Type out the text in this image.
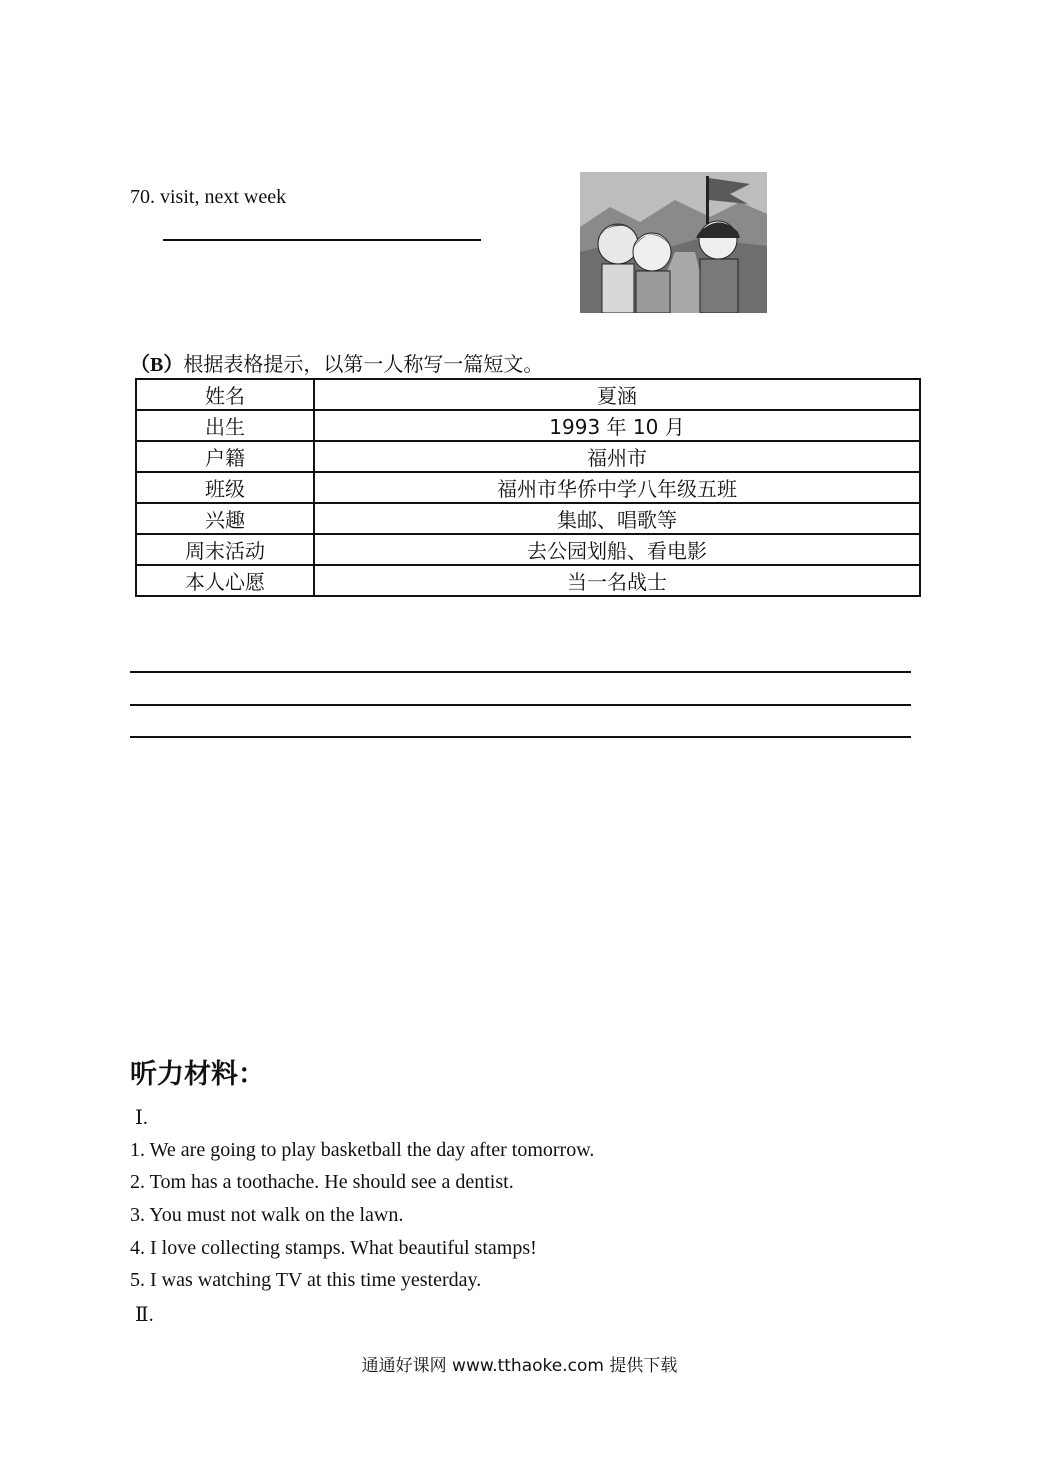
70. visit, next week
（B）根据表格提示，以第一人称写一篇短文。
姓名	夏涵
出生	1993 年 10 月
户籍	福州市
班级	福州市华侨中学八年级五班
兴趣	集邮、唱歌等
周末活动	去公园划船、看电影
本人心愿	当一名战士
听力材料：
Ⅰ.
1. We are going to play basketball the day after tomorrow.
2. Tom has a toothache. He should see a dentist.
3. You must not walk on the lawn.
4. I love collecting stamps. What beautiful stamps!
5. I was watching TV at this time yesterday.
Ⅱ.
通通好课网 www.tthaoke.com 提供下载
